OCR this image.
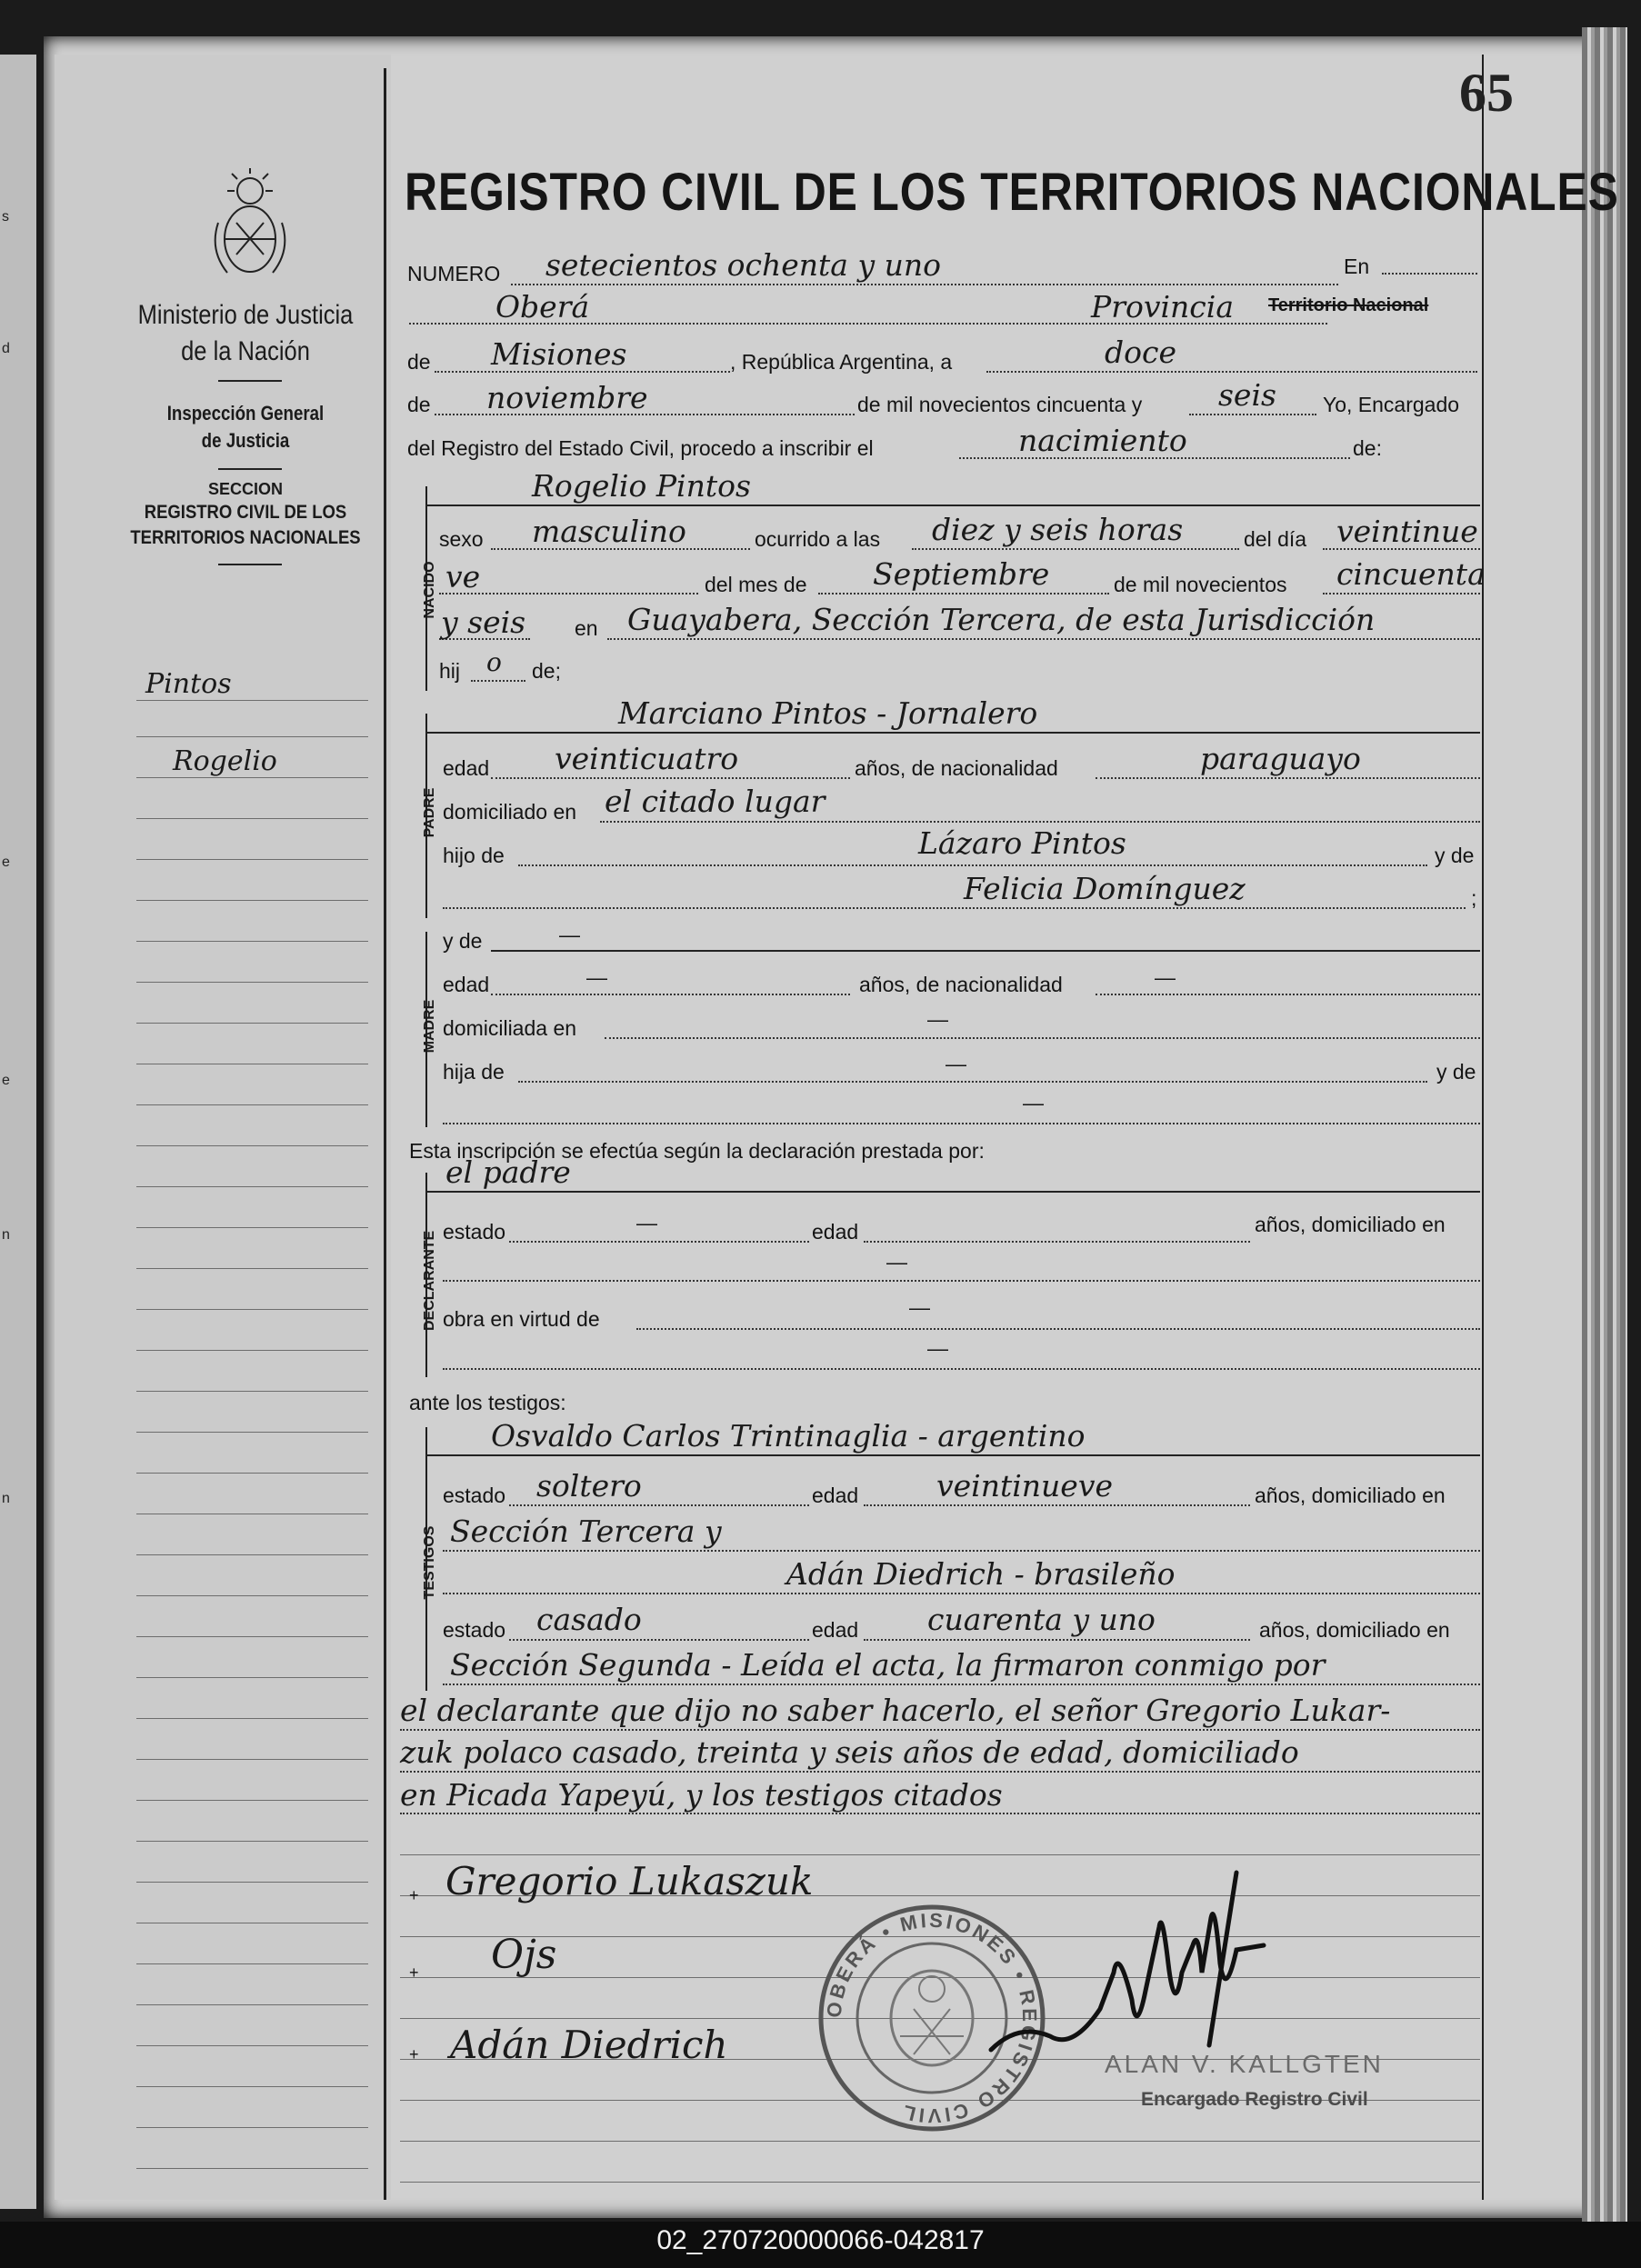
s
d
e
e
n
n
65
Ministerio de Justicia
de la Nación
Inspección General
de Justicia
SECCION
REGISTRO CIVIL DE LOS
TERRITORIOS NACIONALES
Pintos
Rogelio
REGISTRO CIVIL DE LOS TERRITORIOS NACIONALES
NUMERO setecientos ochenta y uno	En
Oberá	Provincia Territorio Nacional
de Misiones	, República Argentina, a	doce
de noviembre	de mil novecientos cincuenta y	seis Yo, Encargado
del Registro del Estado Civil, procedo a inscribir el	nacimiento	de:
NACIDO
Rogelio Pintos
sexo masculino	ocurrido a las diez y seis horas	del día veintinue
ve	del mes de Septiembre	de mil novecientos cincuenta
y seis en Guayabera, Sección Tercera, de esta Jurisdicción
hij o de;
PADRE
Marciano Pintos - Jornalero
edad veinticuatro	años, de nacionalidad	paraguayo
domiciliado en el citado lugar
hijo de	Lázaro Pintos	y de
Felicia Domínguez	;
MADRE
y de	—
edad	—	años, de nacionalidad	—
domiciliada en	—
hija de	—	y de
—
Esta inscripción se efectúa según la declaración prestada por:
DECLARANTE
el padre
estado	—	edad	años, domiciliado en
—
obra en virtud de	—
—
ante los testigos:
TESTIGOS
Osvaldo Carlos Trintinaglia - argentino
estado soltero	edad	veintinueve	años, domiciliado en
Sección Tercera y
Adán Diedrich - brasileño
estado casado	edad cuarenta y uno	años, domiciliado en
Sección Segunda - Leída el acta, la firmaron conmigo por
el declarante que dijo no saber hacerlo, el señor Gregorio Lukar-
zuk polaco casado, treinta y seis años de edad, domiciliado
en Picada Yapeyú, y los testigos citados
+
+
+
Gregorio Lukaszuk
Ojs
Adán Diedrich
OBERÁ • MISIONES • REGISTRO CIVIL
ALAN V. KALLGTEN
Encargado Registro Civil
02_270720000066-042817
